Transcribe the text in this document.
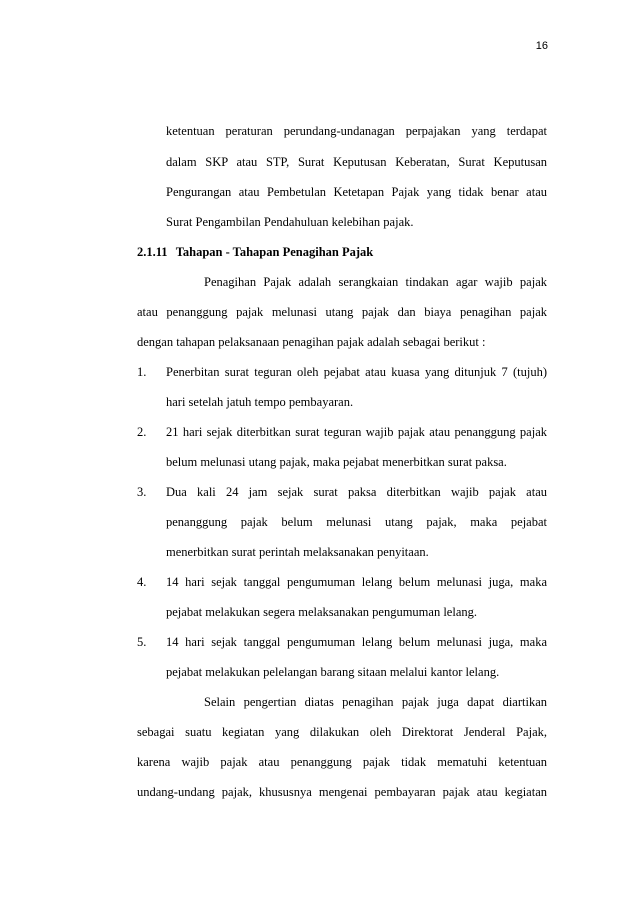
16
ketentuan peraturan perundang-undanagan perpajakan yang terdapat
dalam SKP atau STP, Surat Keputusan Keberatan, Surat Keputusan
Pengurangan atau Pembetulan Ketetapan Pajak yang tidak benar atau
Surat Pengambilan Pendahuluan kelebihan pajak.
2.1.11 Tahapan - Tahapan Penagihan Pajak
Penagihan Pajak adalah serangkaian tindakan agar wajib pajak
atau penanggung pajak melunasi utang pajak dan biaya penagihan pajak
dengan tahapan pelaksanaan penagihan pajak adalah sebagai berikut :
1. Penerbitan surat teguran oleh pejabat atau kuasa yang ditunjuk 7 (tujuh)
hari setelah jatuh tempo pembayaran.
2. 21 hari sejak diterbitkan surat teguran wajib pajak atau penanggung pajak
belum melunasi utang pajak, maka pejabat menerbitkan surat paksa.
3. Dua kali 24 jam sejak surat paksa diterbitkan wajib pajak atau
penanggung pajak belum melunasi utang pajak, maka pejabat
menerbitkan surat perintah melaksanakan penyitaan.
4. 14 hari sejak tanggal pengumuman lelang belum melunasi juga, maka
pejabat melakukan segera melaksanakan pengumuman lelang.
5. 14 hari sejak tanggal pengumuman lelang belum melunasi juga, maka
pejabat melakukan pelelangan barang sitaan melalui kantor lelang.
Selain pengertian diatas penagihan pajak juga dapat diartikan
sebagai suatu kegiatan yang dilakukan oleh Direktorat Jenderal Pajak,
karena wajib pajak atau penanggung pajak tidak mematuhi ketentuan
undang-undang pajak, khususnya mengenai pembayaran pajak atau kegiatan
